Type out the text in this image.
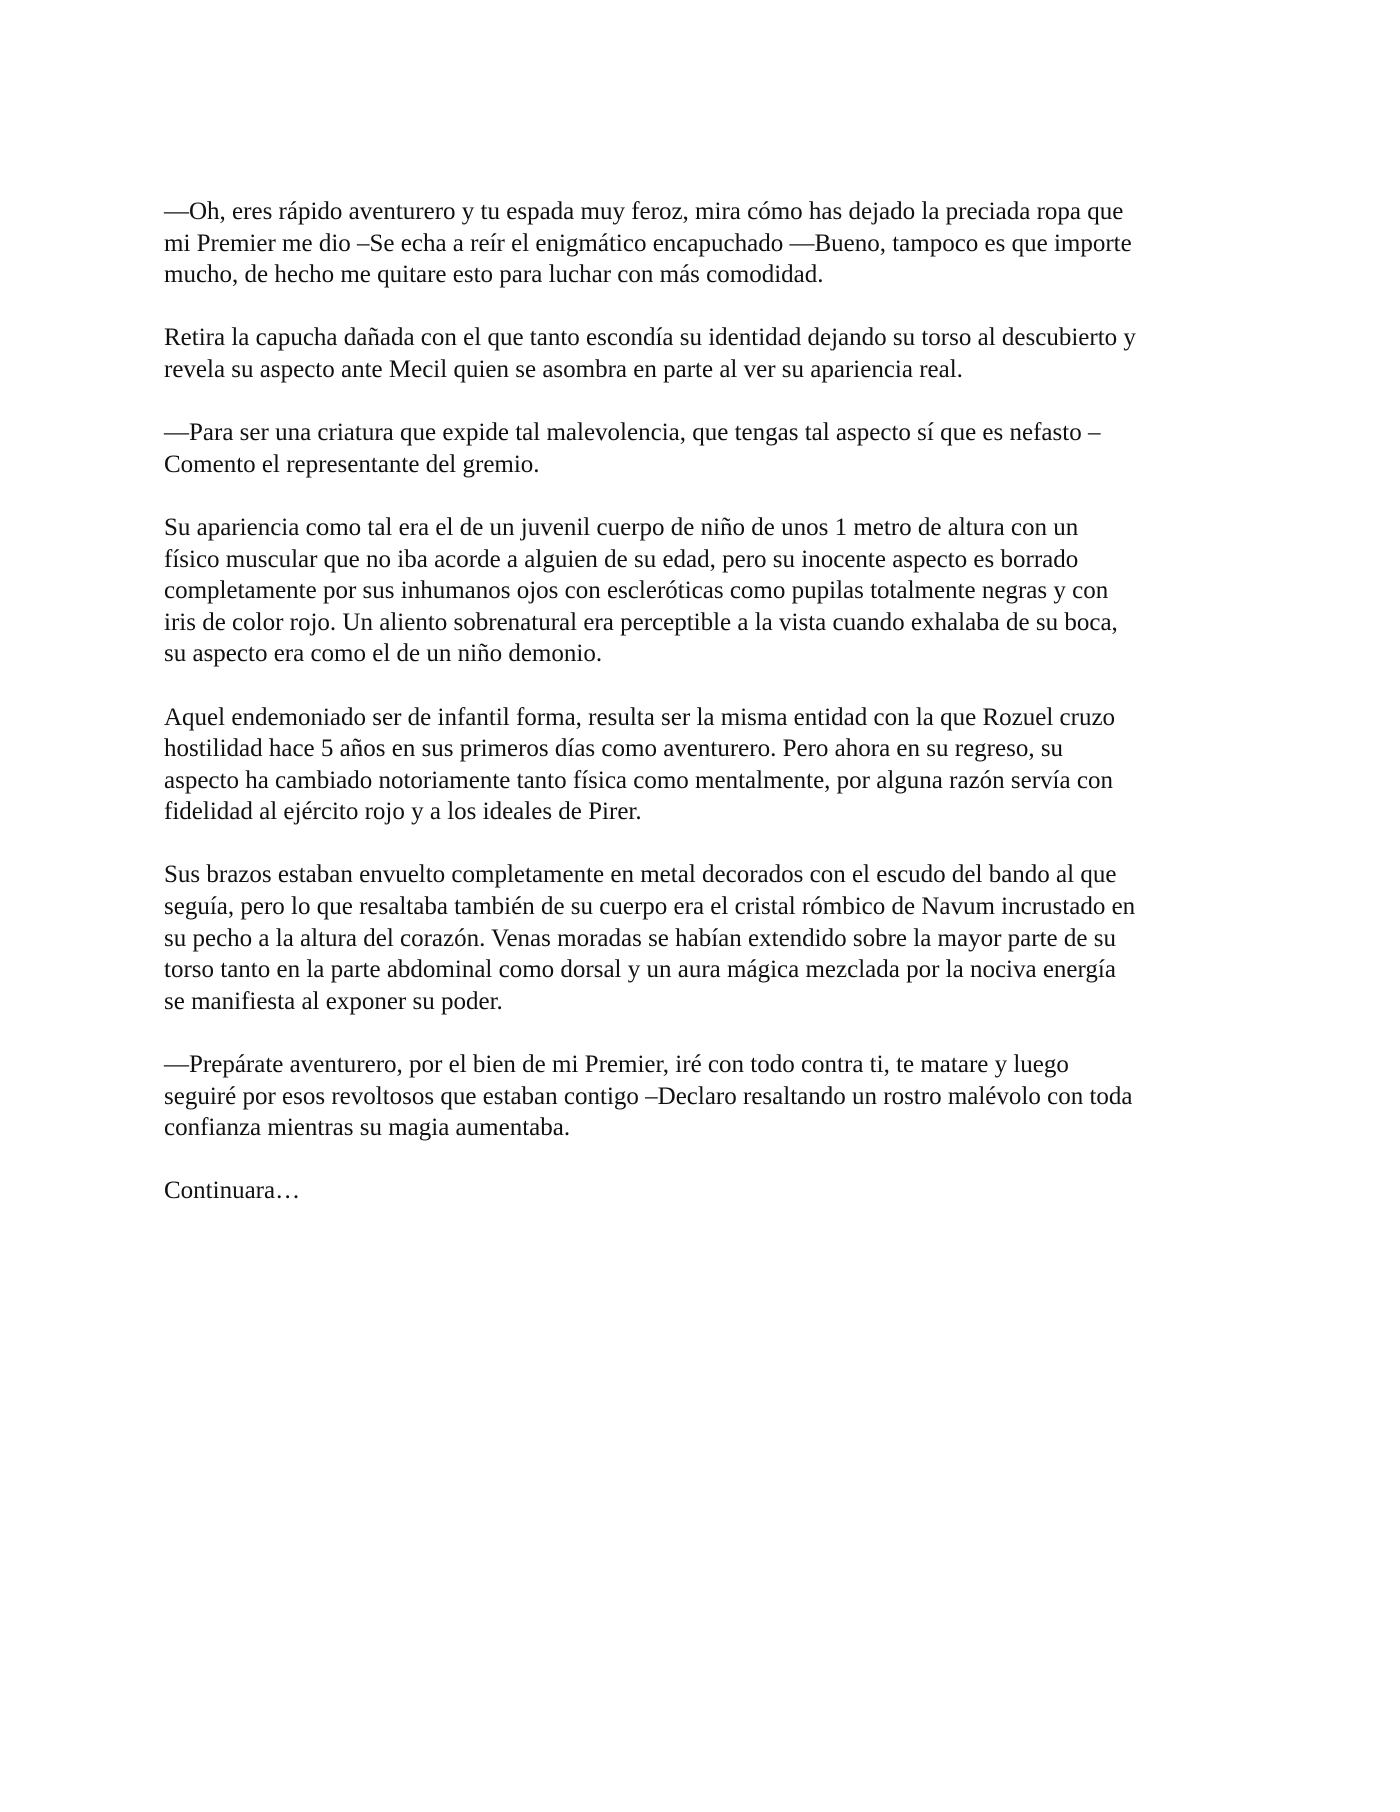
—Oh, eres rápido aventurero y tu espada muy feroz, mira cómo has dejado la preciada ropa que
mi Premier me dio –Se echa a reír el enigmático encapuchado —Bueno, tampoco es que importe
mucho, de hecho me quitare esto para luchar con más comodidad.

Retira la capucha dañada con el que tanto escondía su identidad dejando su torso al descubierto y
revela su aspecto ante Mecil quien se asombra en parte al ver su apariencia real.

—Para ser una criatura que expide tal malevolencia, que tengas tal aspecto sí que es nefasto –
Comento el representante del gremio.

Su apariencia como tal era el de un juvenil cuerpo de niño de unos 1 metro de altura con un
físico muscular que no iba acorde a alguien de su edad, pero su inocente aspecto es borrado
completamente por sus inhumanos ojos con escleróticas como pupilas totalmente negras y con
iris de color rojo. Un aliento sobrenatural era perceptible a la vista cuando exhalaba de su boca,
su aspecto era como el de un niño demonio.

Aquel endemoniado ser de infantil forma, resulta ser la misma entidad con la que Rozuel cruzo
hostilidad hace 5 años en sus primeros días como aventurero. Pero ahora en su regreso, su
aspecto ha cambiado notoriamente tanto física como mentalmente, por alguna razón servía con
fidelidad al ejército rojo y a los ideales de Pirer.

Sus brazos estaban envuelto completamente en metal decorados con el escudo del bando al que
seguía, pero lo que resaltaba también de su cuerpo era el cristal rómbico de Navum incrustado en
su pecho a la altura del corazón. Venas moradas se habían extendido sobre la mayor parte de su
torso tanto en la parte abdominal como dorsal y un aura mágica mezclada por la nociva energía
se manifiesta al exponer su poder.

—Prepárate aventurero, por el bien de mi Premier, iré con todo contra ti, te matare y luego
seguiré por esos revoltosos que estaban contigo –Declaro resaltando un rostro malévolo con toda
confianza mientras su magia aumentaba.

Continuara…
